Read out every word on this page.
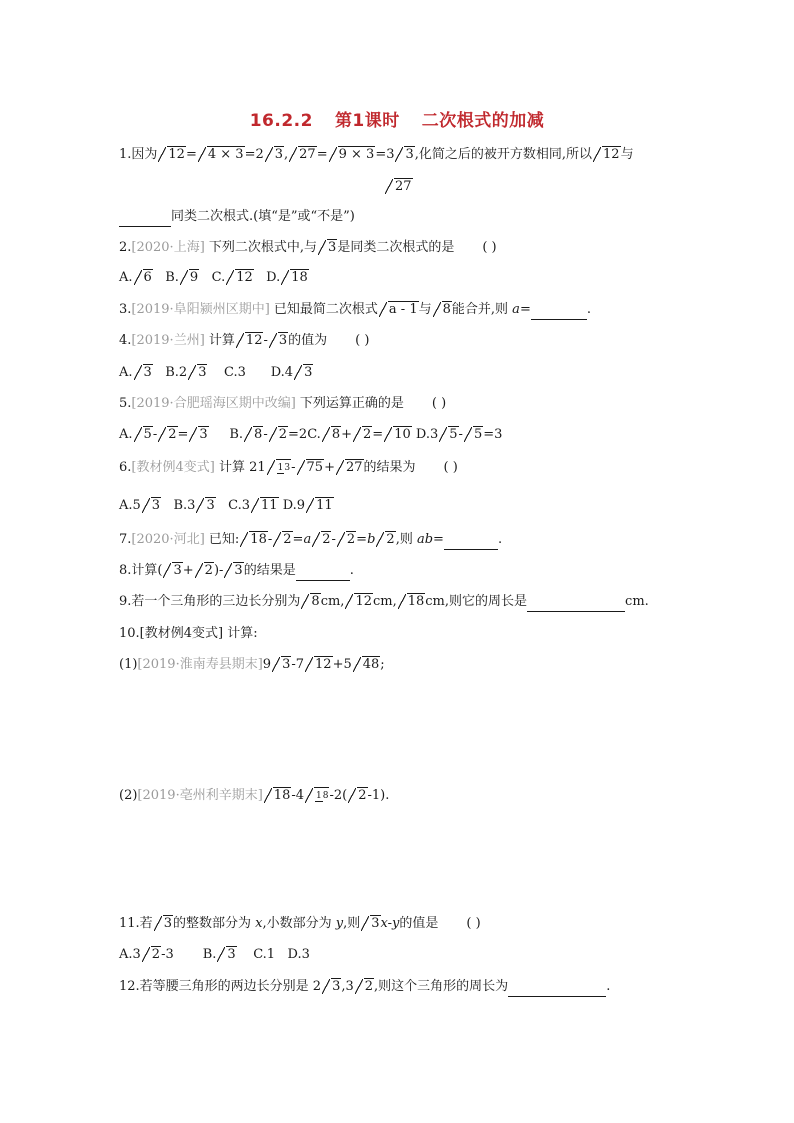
16.2.2 第1课时 二次根式的加减
1.因为 12= 4 × 3=2 3, 27= 9 × 3=3 3,化简之后的被开方数相同,所以 12与
27
同类二次根式.(填“是”或“不是”)
2.[2020·上海] 下列二次根式中,与 3是同类二次根式的是 ( )
A. 6 B. 9 C. 12 D. 18
3.[2019·阜阳颍州区期中] 已知最简二次根式 a - 1与 8能合并,则 a=	.
4.[2019·兰州] 计算 12- 3的值为 ( )
A. 3 B.2 3 C.3 D.4 3
5.[2019·合肥瑶海区期中改编] 下列运算正确的是 ( )
A. 5- 2= 3 B. 8- 2=2C. 8+ 2= 10 D.3 5- 5=3
6.[教材例4变式] 计算 21 13- 75+ 27的结果为 ( )
A.5 3 B.3 3 C.3 11 D.9 11
7.[2020·河北] 已知: 18- 2=a 2- 2=b 2,则 ab=	.
8.计算( 3+ 2)- 3的结果是	.
9.若一个三角形的三边长分别为 8cm, 12cm, 18cm,则它的周长是	cm.
10.[教材例4变式] 计算:
(1)[2019·淮南寿县期末]9 3-7 12+5 48;
(2)[2019·亳州利辛期末] 18-4 18-2( 2-1).
11.若 3的整数部分为 x,小数部分为 y,则 3x-y的值是 ( )
A.3 2-3 B. 3 C.1 D.3
12.若等腰三角形的两边长分别是 2 3,3 2,则这个三角形的周长为	.
